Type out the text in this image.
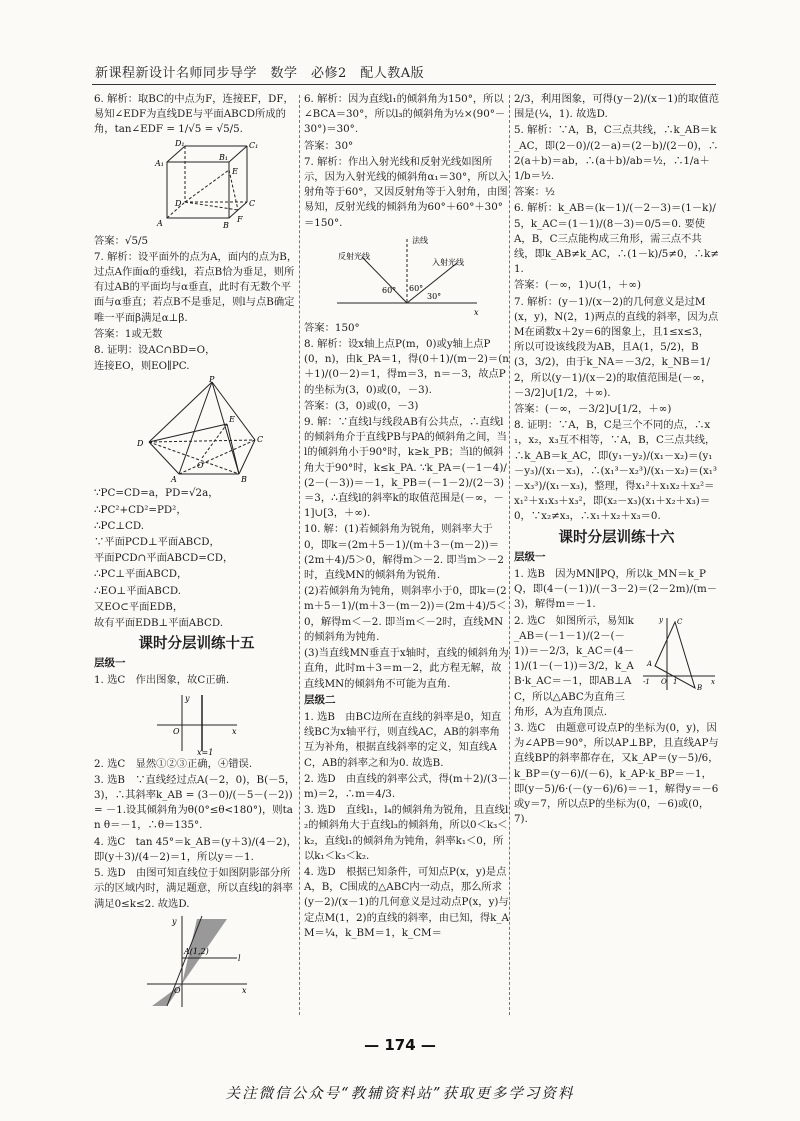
新课程新设计名师同步导学　数学　必修2　配人教A版

6. 解析：取BC的中点为F，连接EF，DF，易知∠EDF为直线DE与平面ABCD所成的角，tan∠EDF = 1/√5 = √5/5.

D₁	C₁
A₁
B₁
D	C
A	F
B
E

答案：√5/5

7. 解析：设平面外的点为A，面内的点为B，过点A作面α的垂线l，若点B恰为垂足，则所有过AB的平面均与α垂直，此时有无数个平面与α垂直；若点B不是垂足，则l与点B确定唯一平面β满足α⊥β.

答案：1或无数

8. 证明：设AC∩BD=O，

连接EO，则EO∥PC.

P
E
D	C
A
O
B

∵PC=CD=a，PD=√2a，

∴PC²+CD²=PD²，

∴PC⊥CD.

∵平面PCD⊥平面ABCD，

平面PCD∩平面ABCD=CD，

∴PC⊥平面ABCD，

∴EO⊥平面ABCD.

又EO⊂平面EDB，

故有平面EDB⊥平面ABCD.

课时分层训练十五
层级一

1. 选C　作出图象，故C正确.

y
O	x
x=1

2. 选C　显然①②③正确，④错误.

3. 选B　∵直线经过点A(－2，0)，B(－5，3)，∴其斜率k_AB = (3－0)/(－5－(－2)) = －1.设其倾斜角为θ(0°≤θ<180°)，则tan θ＝－1，∴θ＝135°.

4. 选C　tan 45°＝k_AB＝(y＋3)/(4－2)，即(y＋3)/(4－2)＝1，所以y＝－1.

5. 选D　由图可知直线位于如图阴影部分所示的区域内时，满足题意，所以直线l的斜率满足0≤k≤2. 故选D.

y
A(1,2)
l
O	x

6. 解析：因为直线l₁的倾斜角为150°，所以∠BCA＝30°，所以l₃的倾斜角为½×(90°－30°)＝30°.

答案：30°

7. 解析：作出入射光线和反射光线如图所示，因为入射光线的倾斜角α₁＝30°，所以入射角等于60°，又因反射角等于入射角，由图易知，反射光线的倾斜角为60°＋60°＋30°＝150°.

法线
反射光线
入射光线
60° 60°
30°
x

答案：150°

8. 解析：设x轴上点P(m，0)或y轴上点P(0，n)，由k_PA＝1，得(0＋1)/(m－2)＝(n＋1)/(0－2)＝1，得m＝3，n＝－3，故点P的坐标为(3，0)或(0，－3).

答案：(3，0)或(0，－3)

9. 解：∵直线l与线段AB有公共点，∴直线l的倾斜角介于直线PB与PA的倾斜角之间，当l的倾斜角小于90°时，k≥k_PB；当l的倾斜角大于90°时，k≤k_PA. ∵k_PA＝(－1－4)/(2－(－3))＝－1，k_PB＝(－1－2)/(2－3)＝3，∴直线l的斜率k的取值范围是(－∞，－1]∪[3，＋∞).

10. 解：(1)若倾斜角为锐角，则斜率大于0，即k＝(2m＋5－1)/(m＋3－(m－2))＝(2m＋4)/5＞0，解得m＞－2. 即当m＞－2时，直线MN的倾斜角为锐角.

(2)若倾斜角为钝角，则斜率小于0，即k＝(2m＋5－1)/(m＋3－(m－2))＝(2m＋4)/5＜0，解得m＜－2. 即当m＜－2时，直线MN的倾斜角为钝角.

(3)当直线MN垂直于x轴时，直线的倾斜角为直角，此时m＋3＝m－2，此方程无解，故直线MN的倾斜角不可能为直角.

层级二

1. 选B　由BC边所在直线的斜率是0，知直线BC为x轴平行，则直线AC，AB的斜率角互为补角，根据直线斜率的定义，知直线AC，AB的斜率之和为0. 故选B.

2. 选D　由直线的斜率公式，得(m＋2)/(3－m)＝2，∴m＝4/3.

3. 选D　直线l₁，l₄的倾斜角为锐角，且直线l₂的倾斜角大于直线l₃的倾斜角，所以0＜k₃＜k₂，直线l₁的倾斜角为钝角，斜率k₁＜0，所以k₁＜k₃＜k₂.

4. 选D　根据已知条件，可知点P(x，y)是点A，B，C围成的△ABC内一动点，那么所求(y－2)/(x－1)的几何意义是过动点P(x，y)与定点M(1，2)的直线的斜率，由已知，得k_AM＝¼，k_BM＝1，k_CM＝

2/3，利用图象，可得(y－2)/(x－1)的取值范围是(¼，1). 故选D.

5. 解析：∵A，B，C三点共线，∴k_AB＝k_AC，即(2－0)/(2－a)＝(2－b)/(2－0)，∴2(a＋b)＝ab，∴(a＋b)/ab＝½，∴1/a＋1/b＝½.

答案：½

6. 解析：k_AB＝(k－1)/(－2－3)＝(1－k)/5，k_AC＝(1－1)/(8－3)＝0/5＝0. 要使A，B，C三点能构成三角形，需三点不共线，即k_AB≠k_AC，∴(1－k)/5≠0，∴k≠1.

答案：(－∞，1)∪(1，＋∞)

7. 解析：(y－1)/(x－2)的几何意义是过M(x，y)，N(2，1)两点的直线的斜率，因为点M在函数x＋2y＝6的图象上，且1≤x≤3，所以可设该线段为AB，且A(1，5/2)，B(3，3/2)，由于k_NA＝－3/2，k_NB＝1/2，所以(y－1)/(x－2)的取值范围是(－∞，－3/2]∪[1/2，＋∞).

答案：(－∞，－3/2]∪[1/2，＋∞)

8. 证明：∵A，B，C是三个不同的点，∴x₁，x₂，x₃互不相等，∵A，B，C三点共线，∴k_AB＝k_AC，即(y₁－y₂)/(x₁－x₂)＝(y₁－y₃)/(x₁－x₃)，∴(x₁³－x₂³)/(x₁－x₂)＝(x₁³－x₃³)/(x₁－x₃)，整理，得x₁²＋x₁x₂＋x₂²＝x₁²＋x₁x₃＋x₃²，即(x₂－x₃)(x₁＋x₂＋x₃)＝0，∵x₂≠x₃，∴x₁＋x₂＋x₃＝0.

课时分层训练十六
层级一

1. 选B　因为MN∥PQ，所以k_MN＝k_PQ，即(4－(－1))/(－3－2)＝(2－2m)/(m－3)，解得m＝－1.

y C
A
O 1
B
x
-1

2. 选C　如图所示，易知k_AB＝(－1－1)/(2－(－1))＝－2/3，k_AC＝(4－1)/(1－(－1))＝3/2，k_AB·k_AC＝－1，即AB⊥AC，所以△ABC为直角三角形，A为直角顶点.

3. 选C　由题意可设点P的坐标为(0，y)，因为∠APB＝90°，所以AP⊥BP，且直线AP与直线BP的斜率都存在，又k_AP＝(y－5)/6，k_BP＝(y－6)/(－6)，k_AP·k_BP＝－1，即(y－5)/6·(－(y－6)/6)＝－1，解得y＝－6或y＝7，所以点P的坐标为(0，－6)或(0，7).

— 174 —
关注微信公众号“教辅资料站”获取更多学习资料
